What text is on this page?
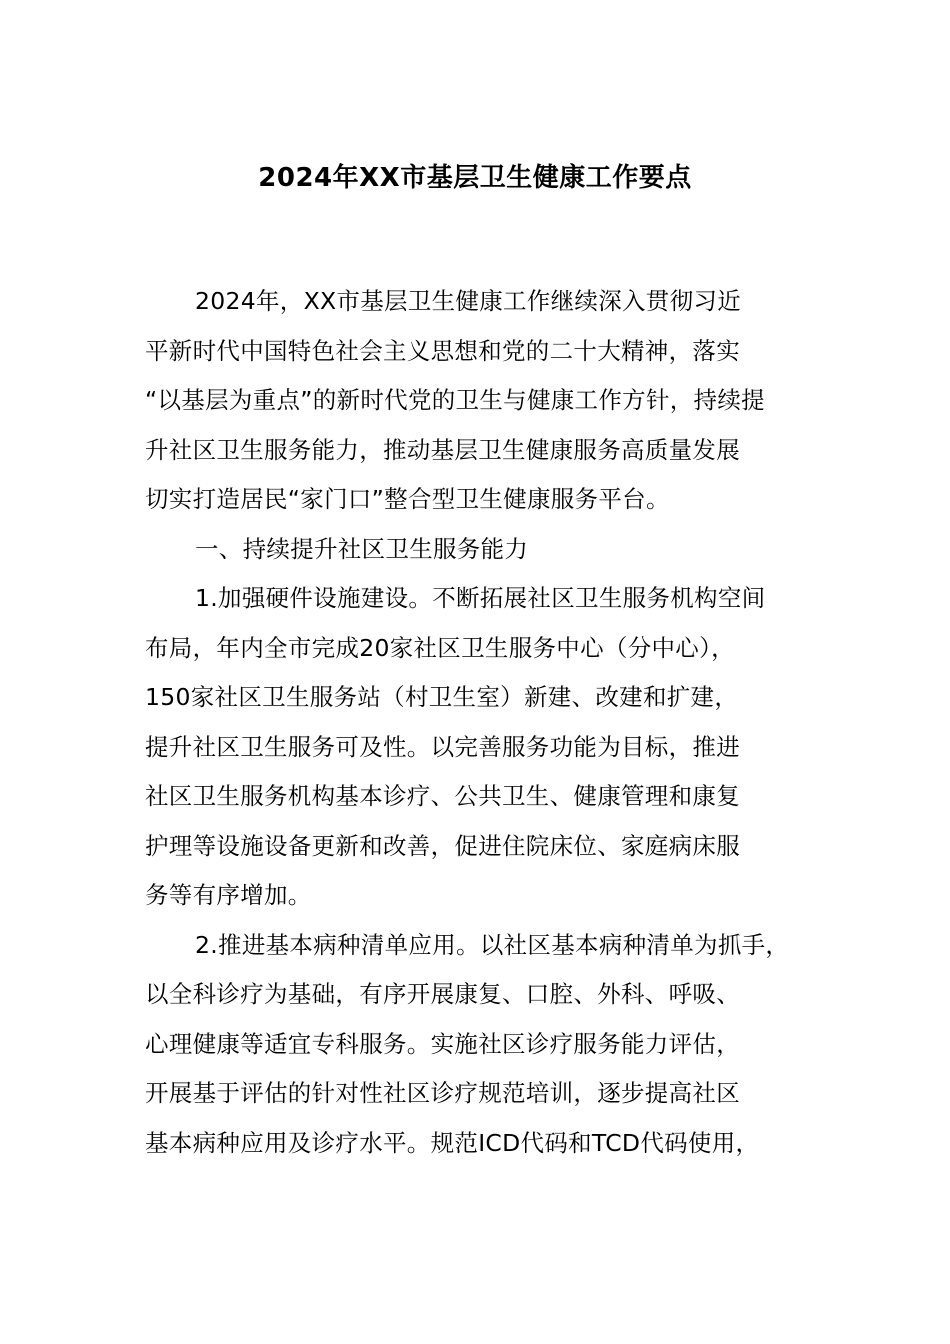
2024年XX市基层卫生健康工作要点
2024年，XX市基层卫生健康工作继续深入贯彻习近
平新时代中国特色社会主义思想和党的二十大精神，落实
“以基层为重点”的新时代党的卫生与健康工作方针，持续提
升社区卫生服务能力，推动基层卫生健康服务高质量发展
切实打造居民“家门口”整合型卫生健康服务平台。
一、持续提升社区卫生服务能力
1.加强硬件设施建设。不断拓展社区卫生服务机构空间
布局，年内全市完成20家社区卫生服务中心（分中心），
150家社区卫生服务站（村卫生室）新建、改建和扩建，
提升社区卫生服务可及性。以完善服务功能为目标，推进
社区卫生服务机构基本诊疗、公共卫生、健康管理和康复
护理等设施设备更新和改善，促进住院床位、家庭病床服
务等有序增加。
2.推进基本病种清单应用。以社区基本病种清单为抓手，
以全科诊疗为基础，有序开展康复、口腔、外科、呼吸、
心理健康等适宜专科服务。实施社区诊疗服务能力评估，
开展基于评估的针对性社区诊疗规范培训，逐步提高社区
基本病种应用及诊疗水平。规范ICD代码和TCD代码使用，
